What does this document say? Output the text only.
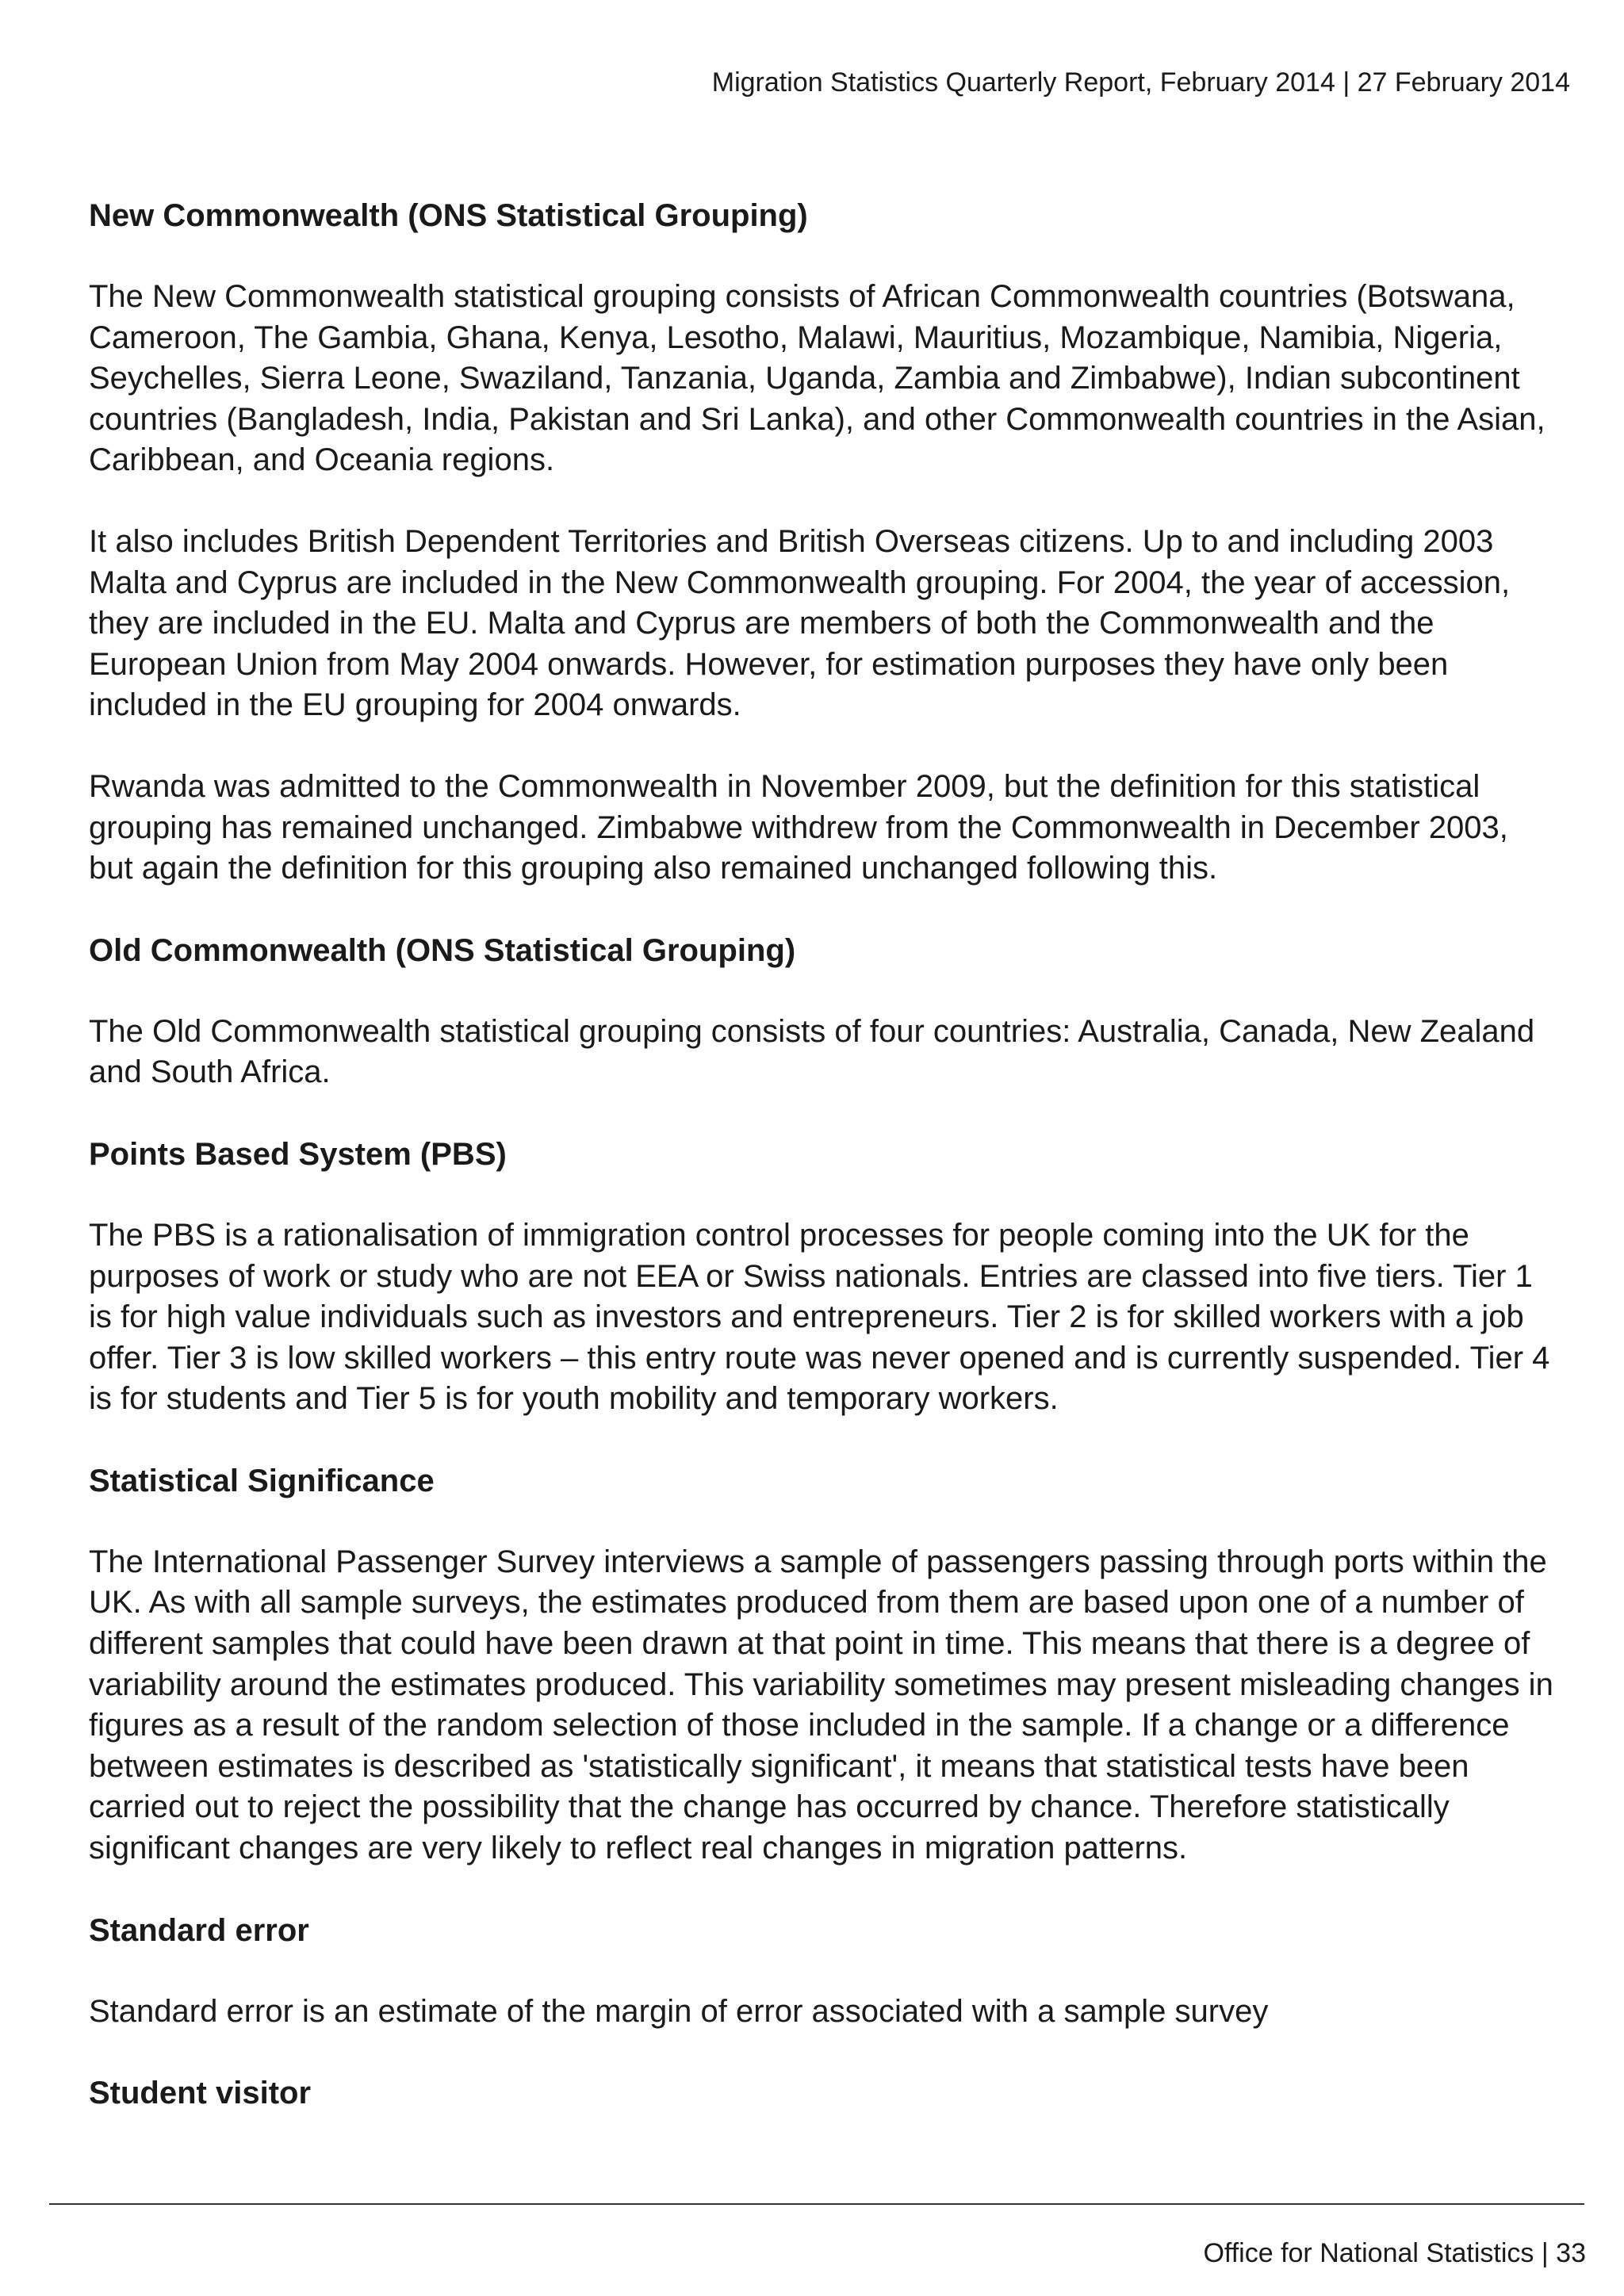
Migration Statistics Quarterly Report, February 2014 | 27 February 2014
New Commonwealth (ONS Statistical Grouping)
The New Commonwealth statistical grouping consists of African Commonwealth countries (Botswana, Cameroon, The Gambia, Ghana, Kenya, Lesotho, Malawi, Mauritius, Mozambique, Namibia, Nigeria, Seychelles, Sierra Leone, Swaziland, Tanzania, Uganda, Zambia and Zimbabwe), Indian subcontinent countries (Bangladesh, India, Pakistan and Sri Lanka), and other Commonwealth countries in the Asian, Caribbean, and Oceania regions.
It also includes British Dependent Territories and British Overseas citizens. Up to and including 2003 Malta and Cyprus are included in the New Commonwealth grouping. For 2004, the year of accession, they are included in the EU. Malta and Cyprus are members of both the Commonwealth and the European Union from May 2004 onwards. However, for estimation purposes they have only been included in the EU grouping for 2004 onwards.
Rwanda was admitted to the Commonwealth in November 2009, but the definition for this statistical grouping has remained unchanged. Zimbabwe withdrew from the Commonwealth in December 2003, but again the definition for this grouping also remained unchanged following this.
Old Commonwealth (ONS Statistical Grouping)
The Old Commonwealth statistical grouping consists of four countries: Australia, Canada, New Zealand and South Africa.
Points Based System (PBS)
The PBS is a rationalisation of immigration control processes for people coming into the UK for the purposes of work or study who are not EEA or Swiss nationals. Entries are classed into five tiers. Tier 1 is for high value individuals such as investors and entrepreneurs. Tier 2 is for skilled workers with a job offer. Tier 3 is low skilled workers – this entry route was never opened and is currently suspended. Tier 4 is for students and Tier 5 is for youth mobility and temporary workers.
Statistical Significance
The International Passenger Survey interviews a sample of passengers passing through ports within the UK. As with all sample surveys, the estimates produced from them are based upon one of a number of different samples that could have been drawn at that point in time. This means that there is a degree of variability around the estimates produced. This variability sometimes may present misleading changes in figures as a result of the random selection of those included in the sample. If a change or a difference between estimates is described as 'statistically significant', it means that statistical tests have been carried out to reject the possibility that the change has occurred by chance. Therefore statistically significant changes are very likely to reflect real changes in migration patterns.
Standard error
Standard error is an estimate of the margin of error associated with a sample survey
Student visitor
Office for National Statistics | 33
